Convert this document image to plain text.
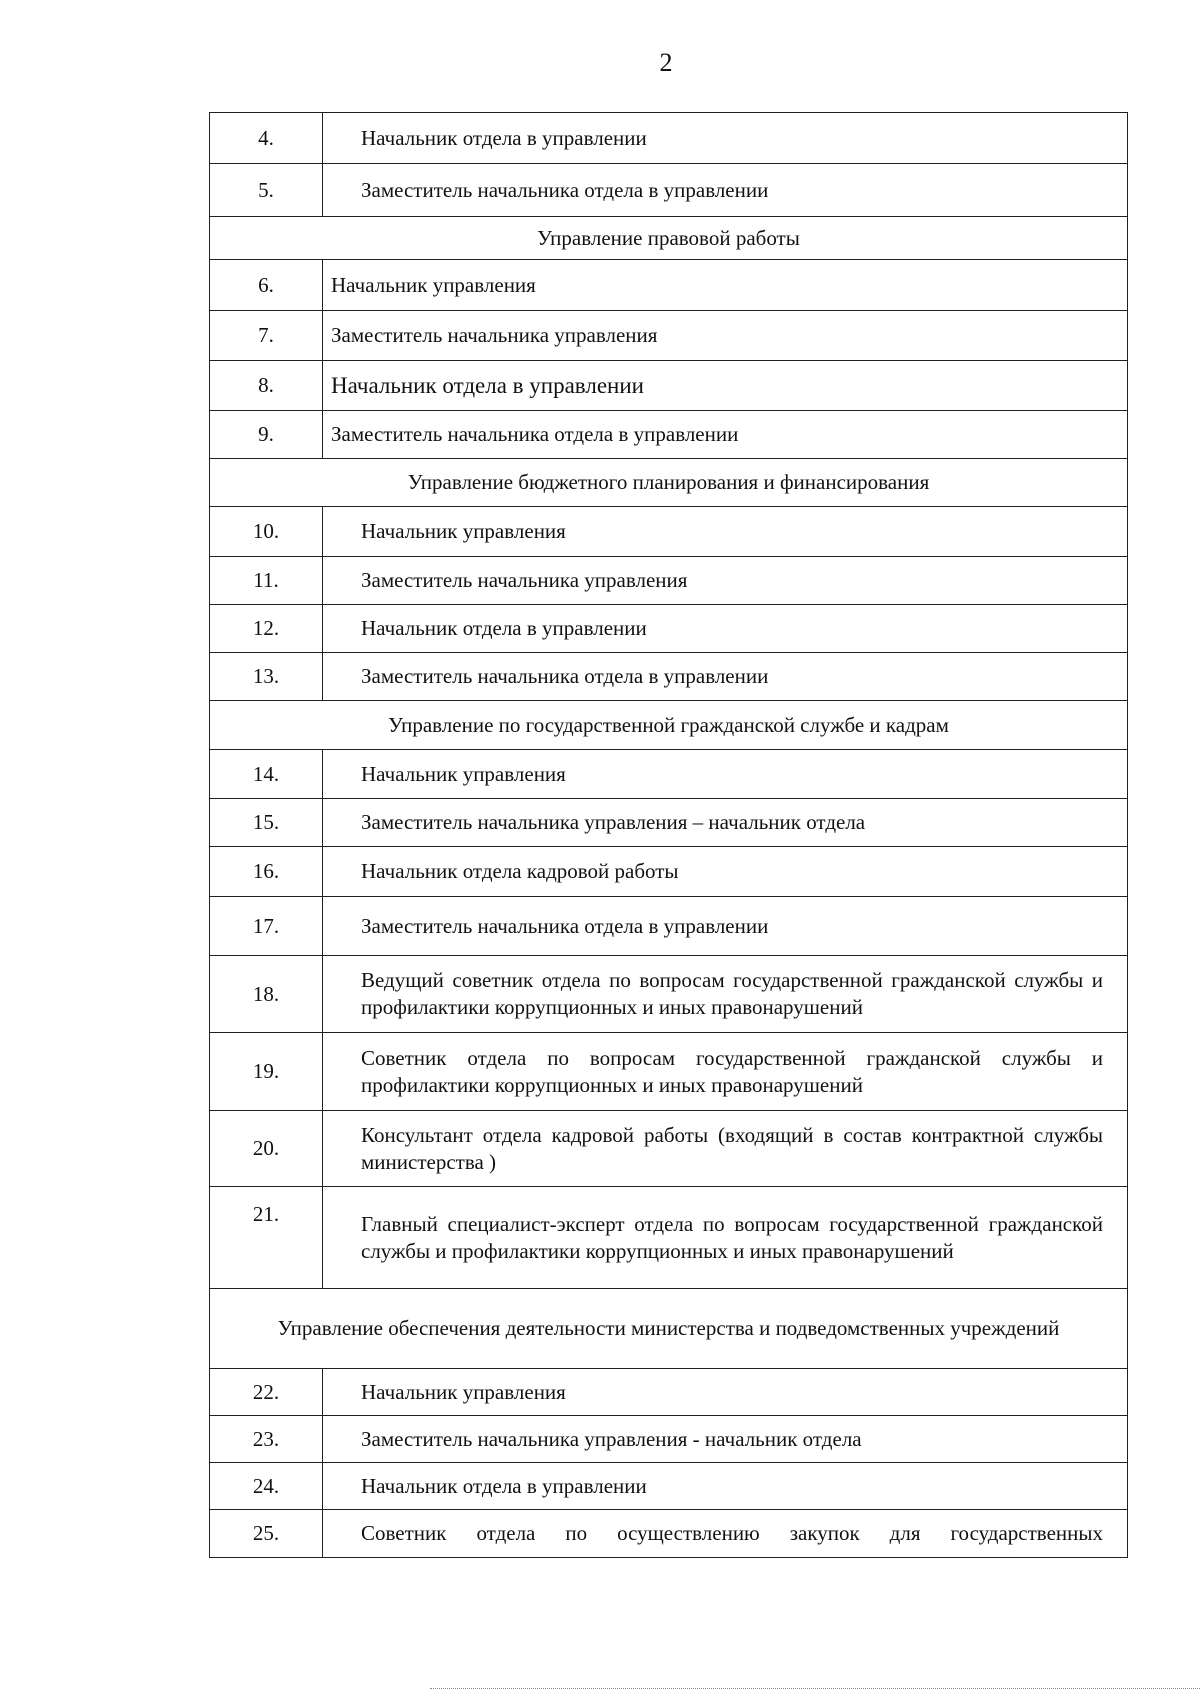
2
4.	Начальник отдела в управлении
5.	Заместитель начальника отдела в управлении
Управление правовой работы	
6.	Начальник управления
7.	Заместитель начальника управления
8.	Начальник отдела в управлении
9.	Заместитель начальника отдела в управлении
Управление бюджетного планирования и финансирования	
10.	Начальник управления
11.	Заместитель начальника управления
12.	Начальник отдела в управлении
13.	Заместитель начальника отдела в управлении
Управление по государственной гражданской службе и кадрам	
14.	Начальник управления
15.	Заместитель начальника управления – начальник отдела
16.	Начальник отдела кадровой работы
17.	Заместитель начальника отдела в управлении
18.	Ведущий советник отдела по вопросам государственной гражданской службы и профилактики коррупционных и иных правонарушений
19.	Советник отдела по вопросам государственной гражданской службы и профилактики коррупционных и иных правонарушений
20.	Консультант отдела кадровой работы (входящий в состав контрактной службы министерства )
21.	Главный специалист-эксперт отдела по вопросам государственной гражданской службы и профилактики коррупционных и иных правонарушений
Управление обеспечения деятельности министерства и подведомственных учреждений	
22.	Начальник управления
23.	Заместитель начальника управления - начальник отдела
24.	Начальник отдела в управлении
25.	Советник отдела по осуществлению закупок для государственных
